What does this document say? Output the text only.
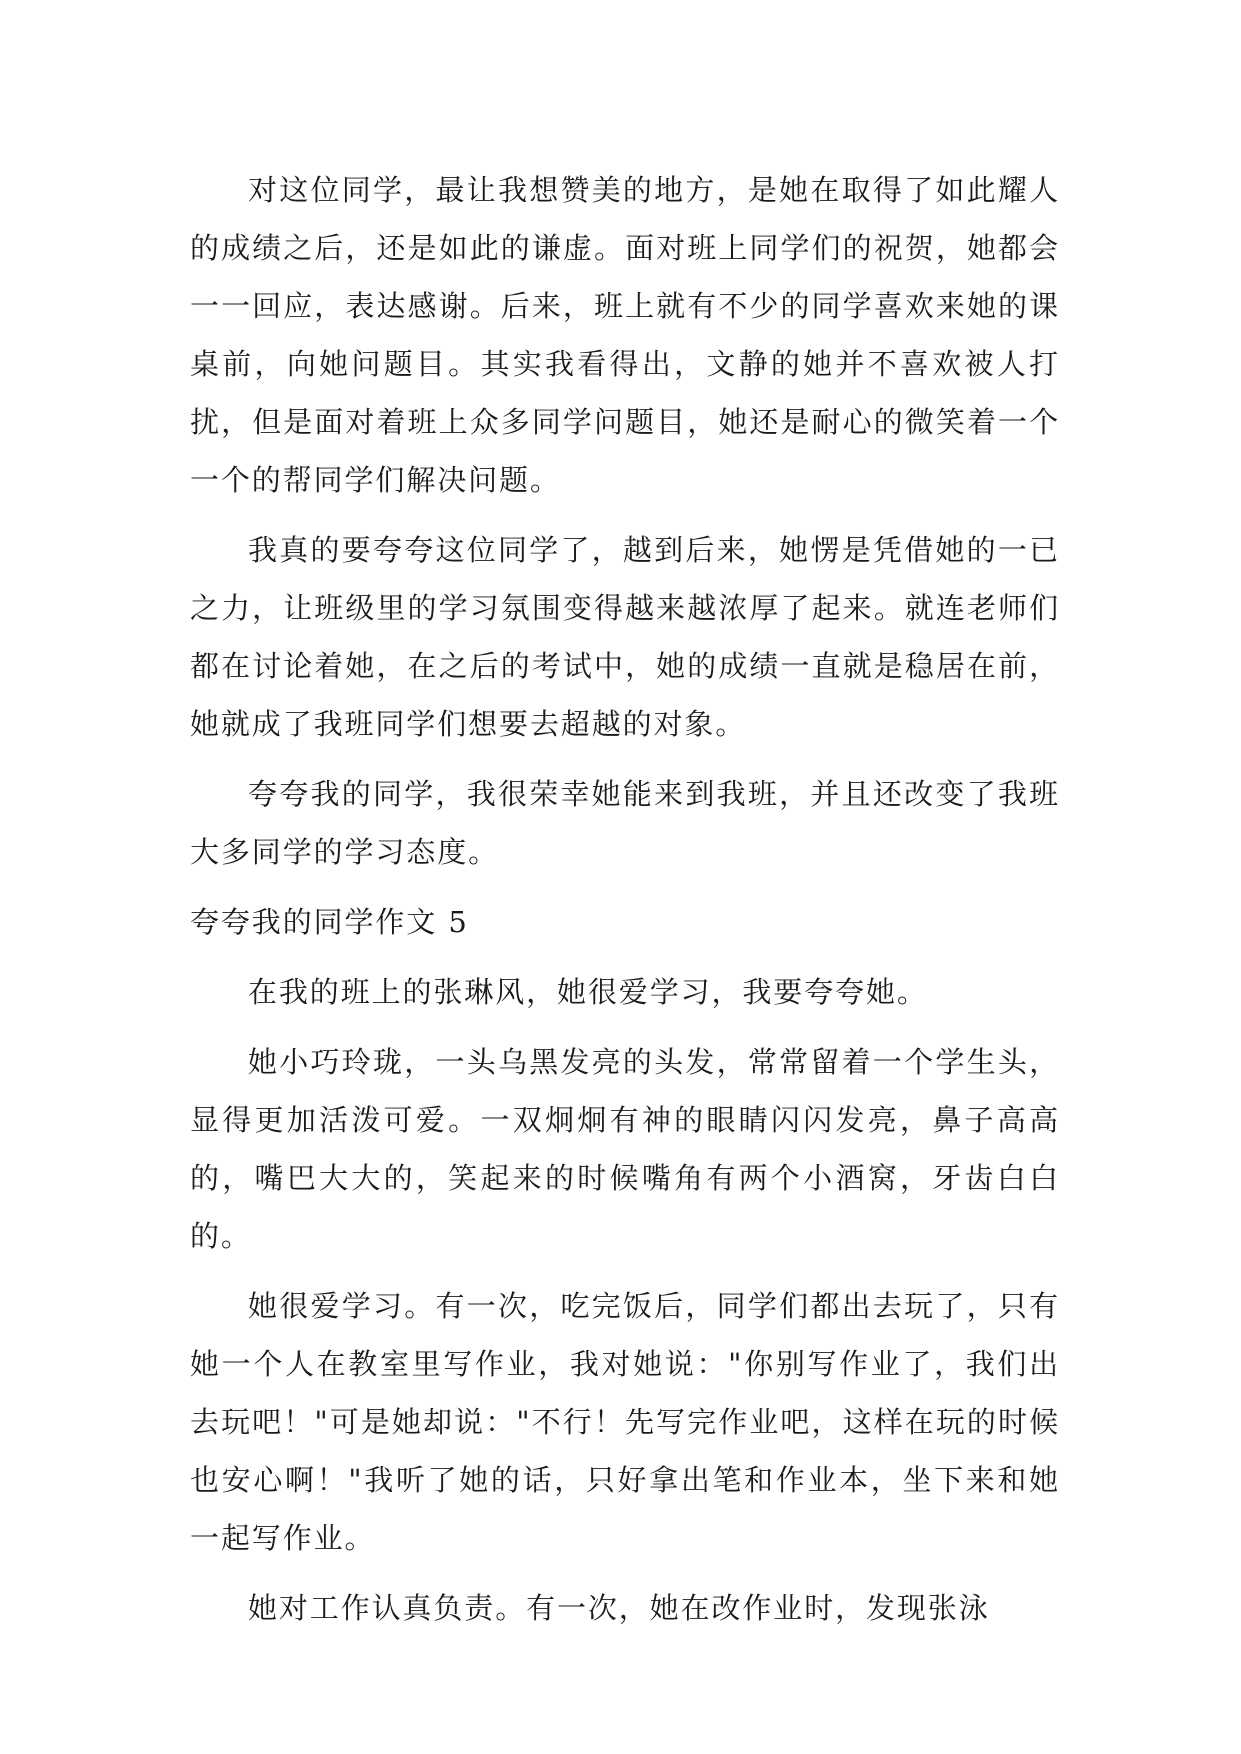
对这位同学，最让我想赞美的地方，是她在取得了如此耀人的成绩之后，还是如此的谦虚。面对班上同学们的祝贺，她都会一一回应，表达感谢。后来，班上就有不少的同学喜欢来她的课桌前，向她问题目。其实我看得出，文静的她并不喜欢被人打扰，但是面对着班上众多同学问题目，她还是耐心的微笑着一个一个的帮同学们解决问题。

我真的要夸夸这位同学了，越到后来，她愣是凭借她的一已之力，让班级里的学习氛围变得越来越浓厚了起来。就连老师们都在讨论着她，在之后的考试中，她的成绩一直就是稳居在前，她就成了我班同学们想要去超越的对象。

夸夸我的同学，我很荣幸她能来到我班，并且还改变了我班大多同学的学习态度。

夸夸我的同学作文 5

在我的班上的张琳风，她很爱学习，我要夸夸她。

她小巧玲珑，一头乌黑发亮的头发，常常留着一个学生头，显得更加活泼可爱。一双炯炯有神的眼睛闪闪发亮，鼻子高高的，嘴巴大大的，笑起来的时候嘴角有两个小酒窝，牙齿白白的。

她很爱学习。有一次，吃完饭后，同学们都出去玩了，只有她一个人在教室里写作业，我对她说："你别写作业了，我们出去玩吧！"可是她却说："不行！先写完作业吧，这样在玩的时候也安心啊！"我听了她的话，只好拿出笔和作业本，坐下来和她一起写作业。

她对工作认真负责。有一次，她在改作业时，发现张泳
